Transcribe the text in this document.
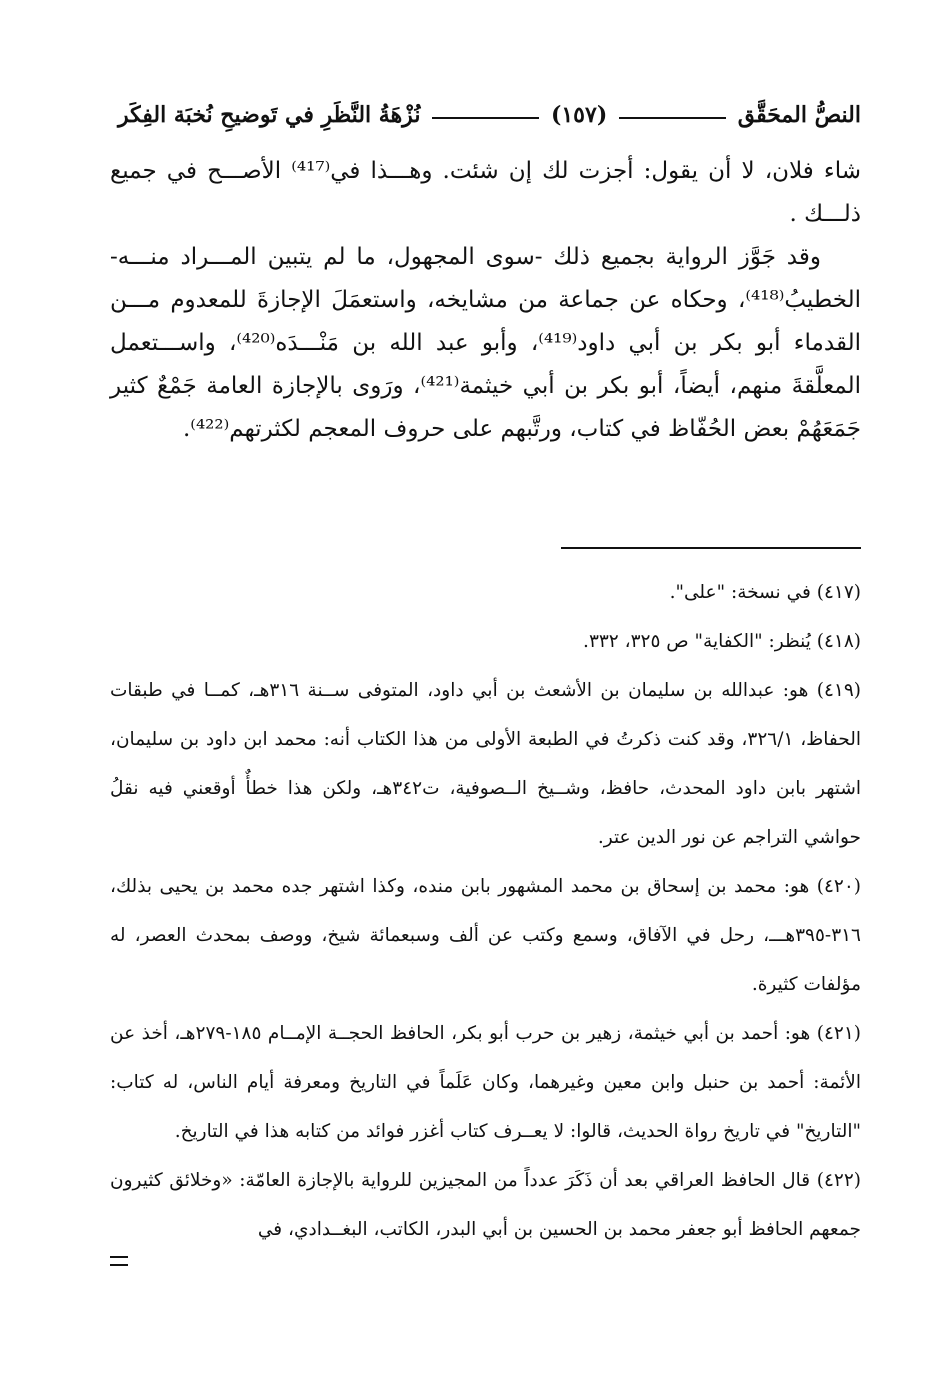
النصُّ المحَقَّق
(١٥٧)
نُزْهَةُ النَّظَرِ في تَوضيحِ نُخبَة الفِكَر

شاء فلان، لا أن يقول: أجزت لك إن شئت. وهـــذا في⁽⁴¹⁷⁾ الأصـــح في جميع ذلـــك .

وقد جَوَّز الرواية بجميع ذلك -سوى المجهول، ما لم يتبين المـــراد منـــه- الخطيبُ⁽⁴¹⁸⁾، وحكاه عن جماعة من مشايخه، واستعمَلَ الإجازةَ للمعدوم مـــن القدماء أبو بكر بن أبي داود⁽⁴¹⁹⁾، وأبو عبد الله بن مَنْـــدَه⁽⁴²⁰⁾، واســـتعمل المعلَّقةَ منهم، أيضاً، أبو بكر بن أبي خيثمة⁽⁴²¹⁾، ورَوى بالإجازة العامة جَمْعٌ كثير جَمَعَهُمْ بعض الحُفّاظ في كتاب، ورتَّبهم على حروف المعجم لكثرتهم⁽⁴²²⁾.

(٤١٧) في نسخة: "على".
(٤١٨) يُنظر: "الكفاية" ص ٣٢٥، ٣٣٢.
(٤١٩) هو: عبدالله بن سليمان بن الأشعث بن أبي داود، المتوفى ســنة ٣١٦هـ، كمــا في طبقات الحفاظ، ٣٢٦/١، وقد كنت ذكرتُ في الطبعة الأولى من هذا الكتاب أنه: محمد ابن داود بن سليمان، اشتهر بابن داود المحدث، حافظ، وشــيخ الــصوفية، ت٣٤٢هـ، ولكن هذا خطأٌ أوقعني فيه نقلُ حواشي التراجم عن نور الدين عتر.
(٤٢٠) هو: محمد بن إسحاق بن محمد المشهور بابن منده، وكذا اشتهر جده محمد بن يحيى بذلك، ٣١٦-٣٩٥هـــ، رحل في الآفاق، وسمع وكتب عن ألف وسبعمائة شيخ، ووصف بمحدث العصر، له مؤلفات كثيرة.
(٤٢١) هو: أحمد بن أبي خيثمة، زهير بن حرب أبو بكر، الحافظ الحجــة الإمــام ١٨٥-٢٧٩هـ، أخذ عن الأئمة: أحمد بن حنبل وابن معين وغيرهما، وكان عَلَماً في التاريخ ومعرفة أيام الناس، له كتاب: "التاريخ" في تاريخ رواة الحديث، قالوا: لا يعــرف كتاب أغزر فوائد من كتابه هذا في التاريخ.
(٤٢٢) قال الحافظ العراقي بعد أن ذَكَرَ عدداً من المجيزين للرواية بالإجازة العامّة: «وخلائق كثيرون جمعهم الحافظ أبو جعفر محمد بن الحسين بن أبي البدر، الكاتب، البغــدادي، في
